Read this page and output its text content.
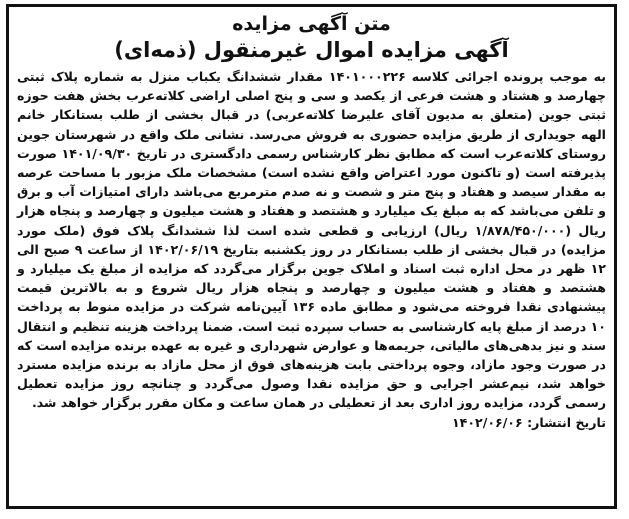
متن آگهی مزایده
آگهی مزایده اموال غیرمنقول (ذمه‌ای)

به موجب پرونده اجرائی کلاسه ۱۴۰۱۰۰۰۲۲۶ مقدار ششدانگ یکباب منزل به شماره پلاک ثبتی چهارصد و هشتاد و هشت فرعی از یکصد و سی و پنج اصلی اراضی کلاته‌عرب بخش هفت حوزه ثبتی جوین (متعلق به مدیون آقای علیرضا کلاته‌عربی) در قبال بخشی از طلب بستانکار خانم الهه جویداری از طریق مزایده حضوری به فروش می‌رسد. نشانی ملک واقع در شهرستان جوین روستای کلاته‌عرب است که مطابق نظر کارشناس رسمی دادگستری در تاریخ ۱۴۰۱/۰۹/۳۰ صورت پذیرفته است (و تاکنون مورد اعتراض واقع نشده است) مشخصات ملک مزبور با مساحت عرصه به مقدار سیصد و هفتاد و پنج متر و شصت و نه صدم مترمربع می‌باشد دارای امتیازات آب و برق و تلفن می‌باشد که به مبلغ یک میلیارد و هشتصد و هفتاد و هشت میلیون و چهارصد و پنجاه هزار ریال (۱/۸۷۸/۴۵۰/۰۰۰ ریال) ارزیابی و قطعی شده است لذا ششدانگ پلاک فوق (ملک مورد مزایده) در قبال بخشی از طلب بستانکار در روز یکشنبه بتاریخ ۱۴۰۲/۰۶/۱۹ از ساعت ۹ صبح الی ۱۲ ظهر در محل اداره ثبت اسناد و املاک جوین برگزار می‌گردد که مزایده از مبلغ یک میلیارد و هشتصد و هفتاد و هشت میلیون و چهارصد و پنجاه هزار ریال شروع و به بالاترین قیمت پیشنهادی نقدا فروخته می‌شود و مطابق ماده ۱۳۶ آیین‌نامه شرکت در مزایده منوط به پرداخت ۱۰ درصد از مبلغ پایه کارشناسی به حساب سپرده ثبت است. ضمنا پرداخت هزینه تنظیم و انتقال سند و نیز بدهی‌های مالیاتی، جریمه‌ها و عوارض شهرداری و غیره به عهده برنده مزایده است که در صورت وجود مازاد، وجوه پرداختی بابت هزینه‌های فوق از محل مازاد به برنده مزایده مسترد خواهد شد، نیم‌عشر اجرایی و حق مزایده نقدا وصول می‌گردد و چنانچه روز مزایده تعطیل رسمی گردد، مزایده روز اداری بعد از تعطیلی در همان ساعت و مکان مقرر برگزار خواهد شد.

تاریخ انتشار: ۱۴۰۲/۰۶/۰۶
